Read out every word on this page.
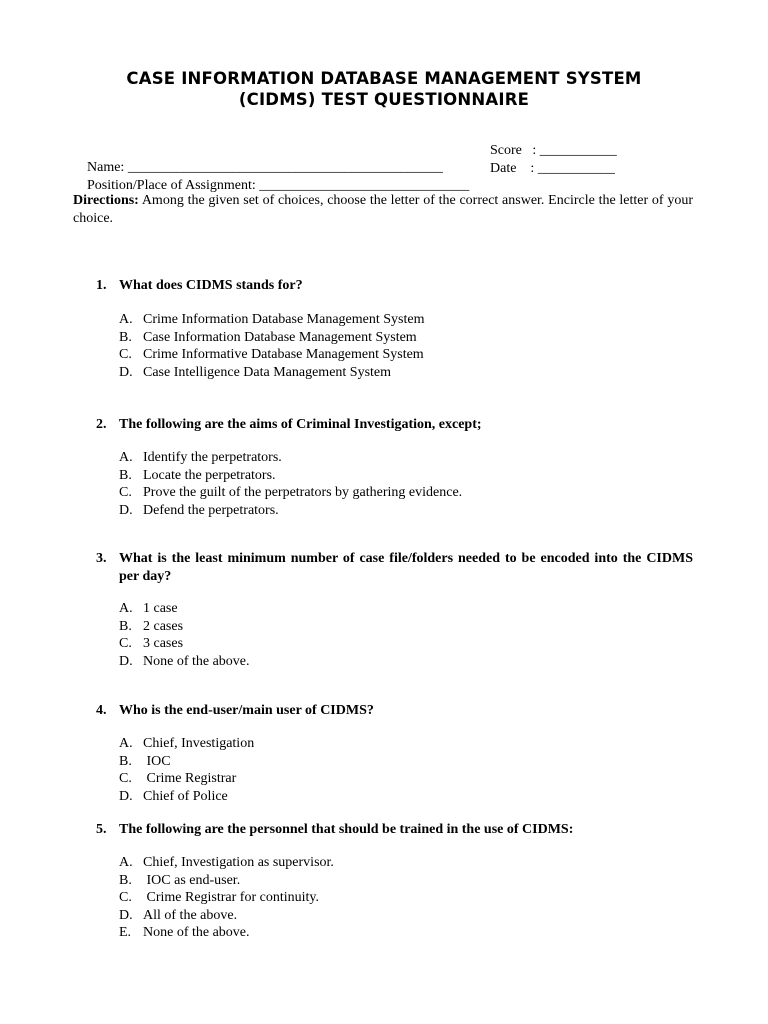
CASE INFORMATION DATABASE MANAGEMENT SYSTEM
(CIDMS) TEST QUESTIONNAIRE

Name: _____________________________________________

Score   : ___________

Position/Place of Assignment: ______________________________

Date    : ___________

Directions: Among the given set of choices, choose the letter of the correct answer. Encircle the letter of your choice.

1. What does CIDMS stands for?
A. Crime Information Database Management System
B. Case Information Database Management System
C. Crime Informative Database Management System
D. Case Intelligence Data Management System
2. The following are the aims of Criminal Investigation, except;
A. Identify the perpetrators.
B. Locate the perpetrators.
C. Prove the guilt of the perpetrators by gathering evidence.
D. Defend the perpetrators.
3. What is the least minimum number of case file/folders needed to be encoded into the CIDMS per day?
A. 1 case
B. 2 cases
C. 3 cases
D. None of the above.
4. Who is the end-user/main user of CIDMS?
A. Chief, Investigation
B. IOC
C. Crime Registrar
D. Chief of Police
5. The following are the personnel that should be trained in the use of CIDMS:
A. Chief, Investigation as supervisor.
B. IOC as end-user.
C. Crime Registrar for continuity.
D. All of the above.
E. None of the above.
